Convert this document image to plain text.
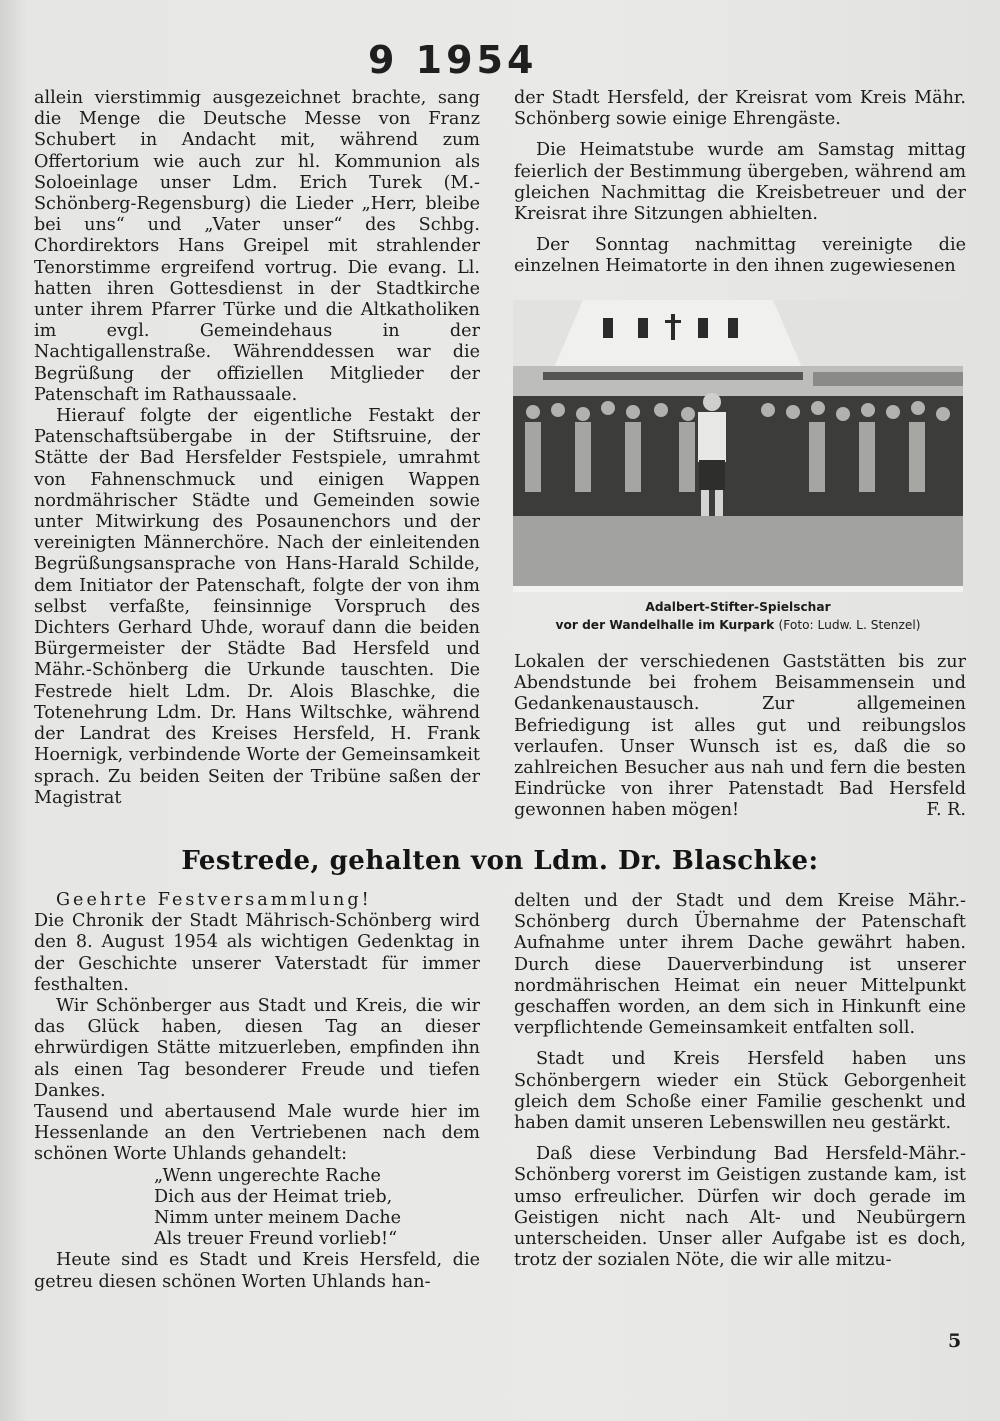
9 1954

allein vierstimmig ausgezeichnet brachte, sang die Menge die Deutsche Messe von Franz Schubert in Andacht mit, während zum Offertorium wie auch zur hl. Kommunion als Soloeinlage unser Ldm. Erich Turek (M.-Schönberg-Regensburg) die Lieder „Herr, bleibe bei uns“ und „Vater unser“ des Schbg. Chordirektors Hans Greipel mit strahlender Tenorstimme ergreifend vortrug. Die evang. Ll. hatten ihren Gottesdienst in der Stadtkirche unter ihrem Pfarrer Türke und die Altkatholiken im evgl. Gemeindehaus in der Nachtigallenstraße. Währenddessen war die Begrüßung der offiziellen Mitglieder der Patenschaft im Rathaussaale.

Hierauf folgte der eigentliche Festakt der Patenschaftsübergabe in der Stiftsruine, der Stätte der Bad Hersfelder Festspiele, umrahmt von Fahnenschmuck und einigen Wappen nordmährischer Städte und Gemeinden sowie unter Mitwirkung des Posaunenchors und der vereinigten Männerchöre. Nach der einleitenden Begrüßungsansprache von Hans-Harald Schilde, dem Initiator der Patenschaft, folgte der von ihm selbst verfaßte, feinsinnige Vorspruch des Dichters Gerhard Uhde, worauf dann die beiden Bürgermeister der Städte Bad Hersfeld und Mähr.-Schönberg die Urkunde tauschten. Die Festrede hielt Ldm. Dr. Alois Blaschke, die Totenehrung Ldm. Dr. Hans Wiltschke, während der Landrat des Kreises Hersfeld, H. Frank Hoernigk, verbindende Worte der Gemeinsamkeit sprach. Zu beiden Seiten der Tribüne saßen der Magistrat

der Stadt Hersfeld, der Kreisrat vom Kreis Mähr. Schönberg sowie einige Ehrengäste.

Die Heimatstube wurde am Samstag mittag feierlich der Bestimmung übergeben, während am gleichen Nachmittag die Kreisbetreuer und der Kreisrat ihre Sitzungen abhielten.

Der Sonntag nachmittag vereinigte die einzelnen Heimatorte in den ihnen zugewiesenen

Adalbert-Stifter-Spielschar
vor der Wandelhalle im Kurpark (Foto: Ludw. L. Stenzel)

Lokalen der verschiedenen Gaststätten bis zur Abendstunde bei frohem Beisammensein und Gedankenaustausch. Zur allgemeinen Befriedigung ist alles gut und reibungslos verlaufen. Unser Wunsch ist es, daß die so zahlreichen Besucher aus nah und fern die besten Eindrücke von ihrer Patenstadt Bad Hersfeld gewonnen haben mögen!	F. R.

Festrede, gehalten von Ldm. Dr. Blaschke:

Geehrte Festversammlung!

Die Chronik der Stadt Mährisch-Schönberg wird den 8. August 1954 als wichtigen Gedenktag in der Geschichte unserer Vaterstadt für immer festhalten.

Wir Schönberger aus Stadt und Kreis, die wir das Glück haben, diesen Tag an dieser ehrwürdigen Stätte mitzuerleben, empfinden ihn als einen Tag besonderer Freude und tiefen Dankes.

Tausend und abertausend Male wurde hier im Hessenlande an den Vertriebenen nach dem schönen Worte Uhlands gehandelt:

„Wenn ungerechte Rache
Dich aus der Heimat trieb,
Nimm unter meinem Dache
Als treuer Freund vorlieb!“

Heute sind es Stadt und Kreis Hersfeld, die getreu diesen schönen Worten Uhlands han-

delten und der Stadt und dem Kreise Mähr.-Schönberg durch Übernahme der Patenschaft Aufnahme unter ihrem Dache gewährt haben. Durch diese Dauerverbindung ist unserer nordmährischen Heimat ein neuer Mittelpunkt geschaffen worden, an dem sich in Hinkunft eine verpflichtende Gemeinsamkeit entfalten soll.

Stadt und Kreis Hersfeld haben uns Schönbergern wieder ein Stück Geborgenheit gleich dem Schoße einer Familie geschenkt und haben damit unseren Lebenswillen neu gestärkt.

Daß diese Verbindung Bad Hersfeld-Mähr.-Schönberg vorerst im Geistigen zustande kam, ist umso erfreulicher. Dürfen wir doch gerade im Geistigen nicht nach Alt- und Neubürgern unterscheiden. Unser aller Aufgabe ist es doch, trotz der sozialen Nöte, die wir alle mitzu-

5
